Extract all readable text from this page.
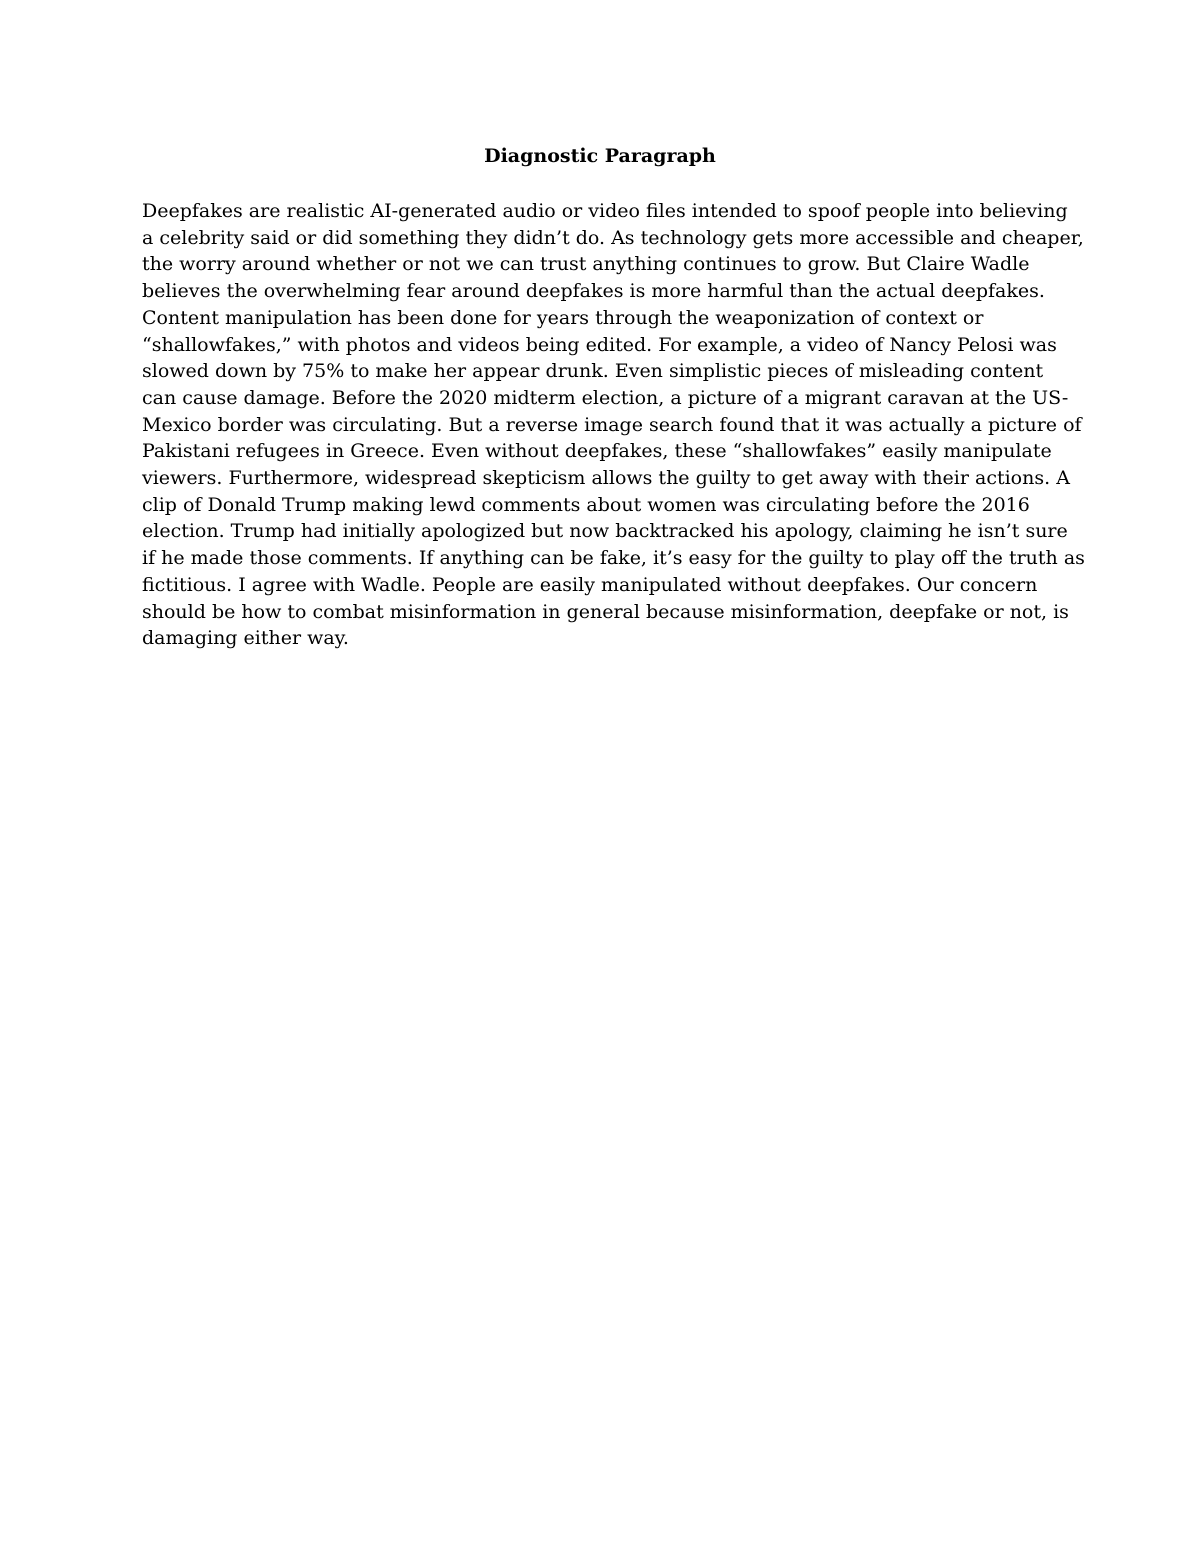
Diagnostic Paragraph
Deepfakes are realistic AI-generated audio or video files intended to spoof people into believing
a celebrity said or did something they didn’t do. As technology gets more accessible and cheaper,
the worry around whether or not we can trust anything continues to grow. But Claire Wadle
believes the overwhelming fear around deepfakes is more harmful than the actual deepfakes.
Content manipulation has been done for years through the weaponization of context or
“shallowfakes,” with photos and videos being edited. For example, a video of Nancy Pelosi was
slowed down by 75% to make her appear drunk. Even simplistic pieces of misleading content
can cause damage. Before the 2020 midterm election, a picture of a migrant caravan at the US-
Mexico border was circulating. But a reverse image search found that it was actually a picture of
Pakistani refugees in Greece. Even without deepfakes, these “shallowfakes” easily manipulate
viewers. Furthermore, widespread skepticism allows the guilty to get away with their actions. A
clip of Donald Trump making lewd comments about women was circulating before the 2016
election. Trump had initially apologized but now backtracked his apology, claiming he isn’t sure
if he made those comments. If anything can be fake, it’s easy for the guilty to play off the truth as
fictitious. I agree with Wadle. People are easily manipulated without deepfakes. Our concern
should be how to combat misinformation in general because misinformation, deepfake or not, is
damaging either way.
